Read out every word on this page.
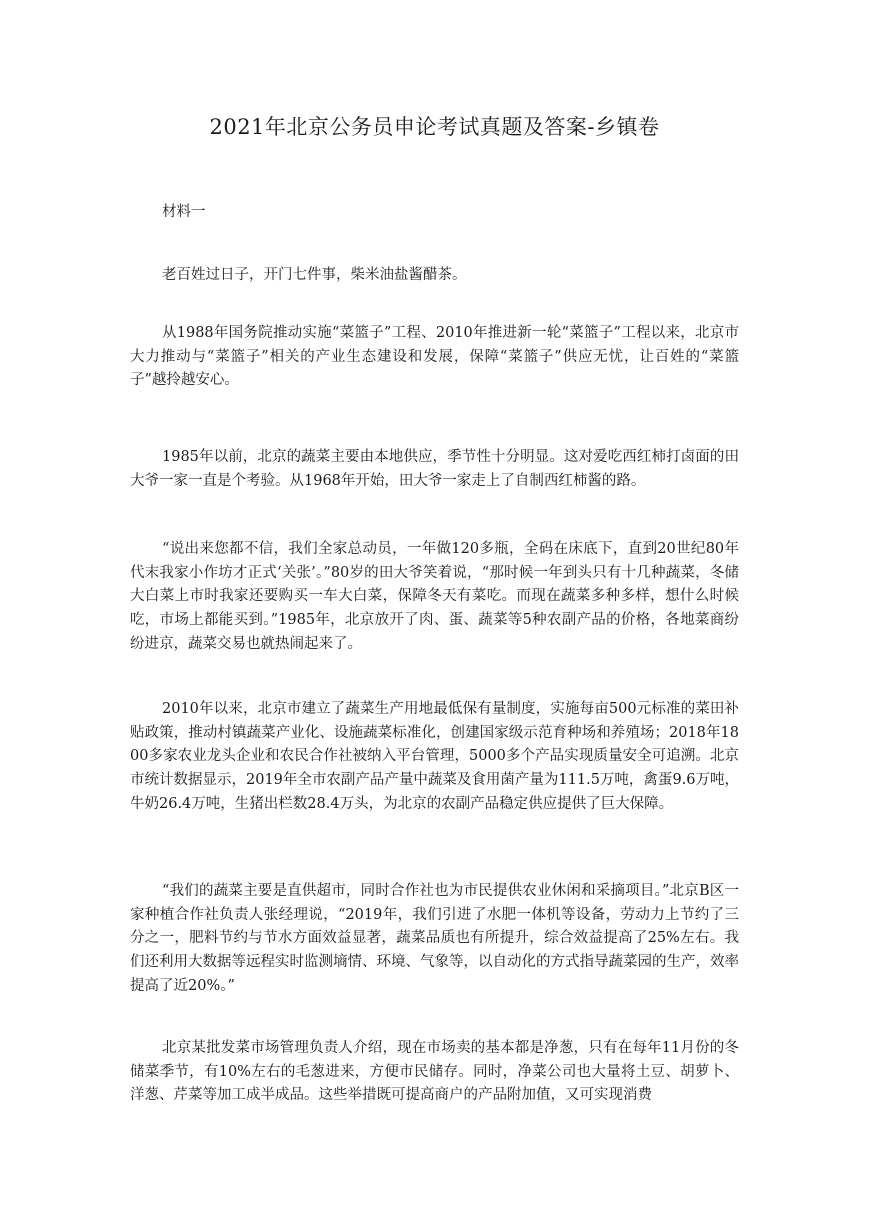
2021年北京公务员申论考试真题及答案-乡镇卷

材料一

老百姓过日子，开门七件事，柴米油盐酱醋茶。

从1988年国务院推动实施“菜篮子”工程、2010年推进新一轮“菜篮子”工程以来，北京市大力推动与“菜篮子”相关的产业生态建设和发展，保障“菜篮子”供应无忧，让百姓的“菜篮子”越拎越安心。

1985年以前，北京的蔬菜主要由本地供应，季节性十分明显。这对爱吃西红柿打卤面的田大爷一家一直是个考验。从1968年开始，田大爷一家走上了自制西红柿酱的路。

“说出来您都不信，我们全家总动员，一年做120多瓶，全码在床底下，直到20世纪80年代末我家小作坊才正式‘关张’。”80岁的田大爷笑着说，“那时候一年到头只有十几种蔬菜，冬储大白菜上市时我家还要购买一车大白菜，保障冬天有菜吃。而现在蔬菜多种多样，想什么时候吃，市场上都能买到。”1985年，北京放开了肉、蛋、蔬菜等5种农副产品的价格，各地菜商纷纷进京，蔬菜交易也就热闹起来了。

2010年以来，北京市建立了蔬菜生产用地最低保有量制度，实施每亩500元标准的菜田补贴政策，推动村镇蔬菜产业化、设施蔬菜标准化，创建国家级示范育种场和养殖场；2018年1800多家农业龙头企业和农民合作社被纳入平台管理，5000多个产品实现质量安全可追溯。北京市统计数据显示，2019年全市农副产品产量中蔬菜及食用菌产量为111.5万吨，禽蛋9.6万吨，牛奶26.4万吨，生猪出栏数28.4万头，为北京的农副产品稳定供应提供了巨大保障。

“我们的蔬菜主要是直供超市，同时合作社也为市民提供农业休闲和采摘项目。”北京B区一家种植合作社负责人张经理说，“2019年，我们引进了水肥一体机等设备，劳动力上节约了三分之一，肥料节约与节水方面效益显著，蔬菜品质也有所提升，综合效益提高了25%左右。我们还利用大数据等远程实时监测墒情、环境、气象等，以自动化的方式指导蔬菜园的生产，效率提高了近20%。”

北京某批发菜市场管理负责人介绍，现在市场卖的基本都是净葱，只有在每年11月份的冬储菜季节，有10%左右的毛葱进来，方便市民储存。同时，净菜公司也大量将土豆、胡萝卜、洋葱、芹菜等加工成半成品。这些举措既可提高商户的产品附加值，又可实现消费
